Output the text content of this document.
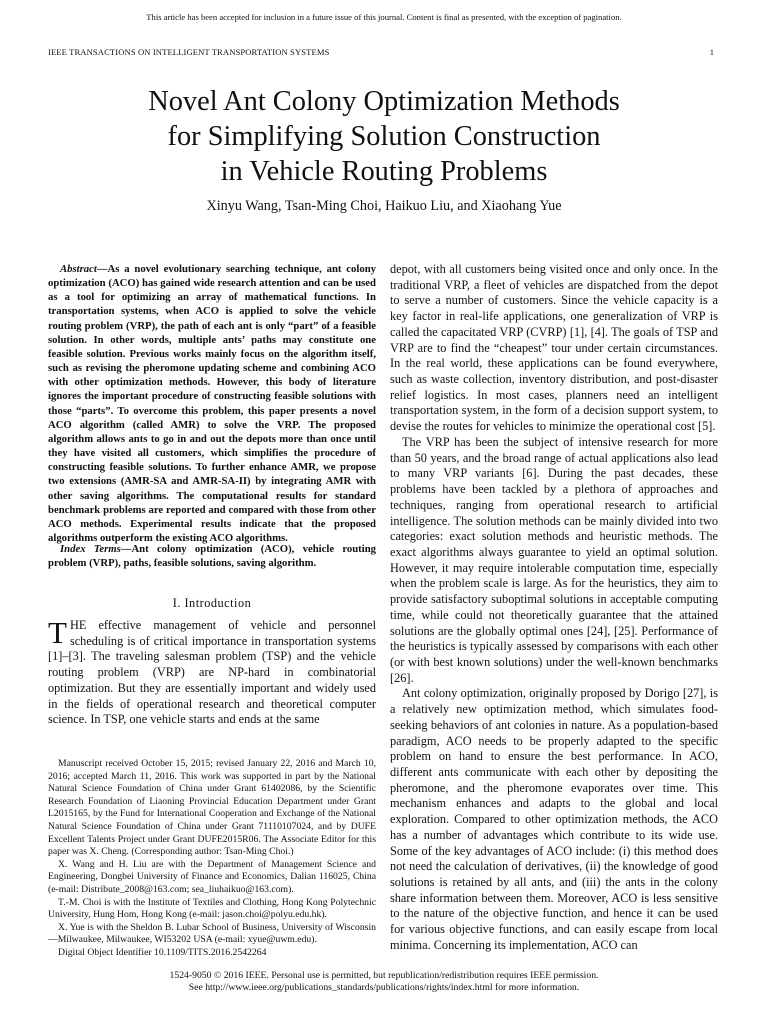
This article has been accepted for inclusion in a future issue of this journal. Content is final as presented, with the exception of pagination.
IEEE TRANSACTIONS ON INTELLIGENT TRANSPORTATION SYSTEMS	1
Novel Ant Colony Optimization Methods
for Simplifying Solution Construction
in Vehicle Routing Problems
Xinyu Wang, Tsan-Ming Choi, Haikuo Liu, and Xiaohang Yue

Abstract—As a novel evolutionary searching technique, ant colony optimization (ACO) has gained wide research attention and can be used as a tool for optimizing an array of mathematical functions. In transportation systems, when ACO is applied to solve the vehicle routing problem (VRP), the path of each ant is only “part” of a feasible solution. In other words, multiple ants’ paths may constitute one feasible solution. Previous works mainly focus on the algorithm itself, such as revising the pheromone updating scheme and combining ACO with other optimization methods. However, this body of literature ignores the important procedure of constructing feasible solutions with those “parts”. To overcome this problem, this paper presents a novel ACO algorithm (called AMR) to solve the VRP. The proposed algorithm allows ants to go in and out the depots more than once until they have visited all customers, which simplifies the procedure of constructing feasible solutions. To further enhance AMR, we propose two extensions (AMR-SA and AMR-SA-II) by integrating AMR with other saving algorithms. The computational results for standard benchmark problems are reported and compared with those from other ACO methods. Experimental results indicate that the proposed algorithms outperform the existing ACO algorithms.

Index Terms—Ant colony optimization (ACO), vehicle routing problem (VRP), paths, feasible solutions, saving algorithm.

I. Introduction

THE effective management of vehicle and personnel scheduling is of critical importance in transportation systems [1]–[3]. The traveling salesman problem (TSP) and the vehicle routing problem (VRP) are NP-hard in combinatorial optimization. But they are essentially important and widely used in the fields of operational research and theoretical computer science. In TSP, one vehicle starts and ends at the same

Manuscript received October 15, 2015; revised January 22, 2016 and March 10, 2016; accepted March 11, 2016. This work was supported in part by the National Natural Science Foundation of China under Grant 61402086, by the Scientific Research Foundation of Liaoning Provincial Education Department under Grant L2015165, by the Fund for International Cooperation and Exchange of the National Natural Science Foundation of China under Grant 71110107024, and by DUFE Excellent Talents Project under Grant DUFE2015R06. The Associate Editor for this paper was X. Cheng. (Corresponding author: Tsan-Ming Choi.)

X. Wang and H. Liu are with the Department of Management Science and Engineering, Dongbei University of Finance and Economics, Dalian 116025, China (e-mail: Distribute_2008@163.com; sea_liuhaikuo@163.com).

T.-M. Choi is with the Institute of Textiles and Clothing, Hong Kong Polytechnic University, Hung Hom, Hong Kong (e-mail: jason.choi@polyu.edu.hk).

X. Yue is with the Sheldon B. Lubar School of Business, University of Wisconsin—Milwaukee, Milwaukee, WI53202 USA (e-mail: xyue@uwm.edu).

Digital Object Identifier 10.1109/TITS.2016.2542264

depot, with all customers being visited once and only once. In the traditional VRP, a fleet of vehicles are dispatched from the depot to serve a number of customers. Since the vehicle capacity is a key factor in real-life applications, one generalization of VRP is called the capacitated VRP (CVRP) [1], [4]. The goals of TSP and VRP are to find the “cheapest” tour under certain circumstances. In the real world, these applications can be found everywhere, such as waste collection, inventory distribution, and post-disaster relief logistics. In most cases, planners need an intelligent transportation system, in the form of a decision support system, to devise the routes for vehicles to minimize the operational cost [5].

The VRP has been the subject of intensive research for more than 50 years, and the broad range of actual applications also lead to many VRP variants [6]. During the past decades, these problems have been tackled by a plethora of approaches and techniques, ranging from operational research to artificial intelligence. The solution methods can be mainly divided into two categories: exact solution methods and heuristic methods. The exact algorithms always guarantee to yield an optimal solution. However, it may require intolerable computation time, especially when the problem scale is large. As for the heuristics, they aim to provide satisfactory suboptimal solutions in acceptable computing time, while could not theoretically guarantee that the attained solutions are the globally optimal ones [24], [25]. Performance of the heuristics is typically assessed by comparisons with each other (or with best known solutions) under the well-known benchmarks [26].

Ant colony optimization, originally proposed by Dorigo [27], is a relatively new optimization method, which simulates food-seeking behaviors of ant colonies in nature. As a population-based paradigm, ACO needs to be properly adapted to the specific problem on hand to ensure the best performance. In ACO, different ants communicate with each other by depositing the pheromone, and the pheromone evaporates over time. This mechanism enhances and adapts to the global and local exploration. Compared to other optimization methods, the ACO has a number of advantages which contribute to its wide use. Some of the key advantages of ACO include: (i) this method does not need the calculation of derivatives, (ii) the knowledge of good solutions is retained by all ants, and (iii) the ants in the colony share information between them. Moreover, ACO is less sensitive to the nature of the objective function, and hence it can be used for various objective functions, and can easily escape from local minima. Concerning its implementation, ACO can

1524-9050 © 2016 IEEE. Personal use is permitted, but republication/redistribution requires IEEE permission.
See http://www.ieee.org/publications_standards/publications/rights/index.html for more information.
